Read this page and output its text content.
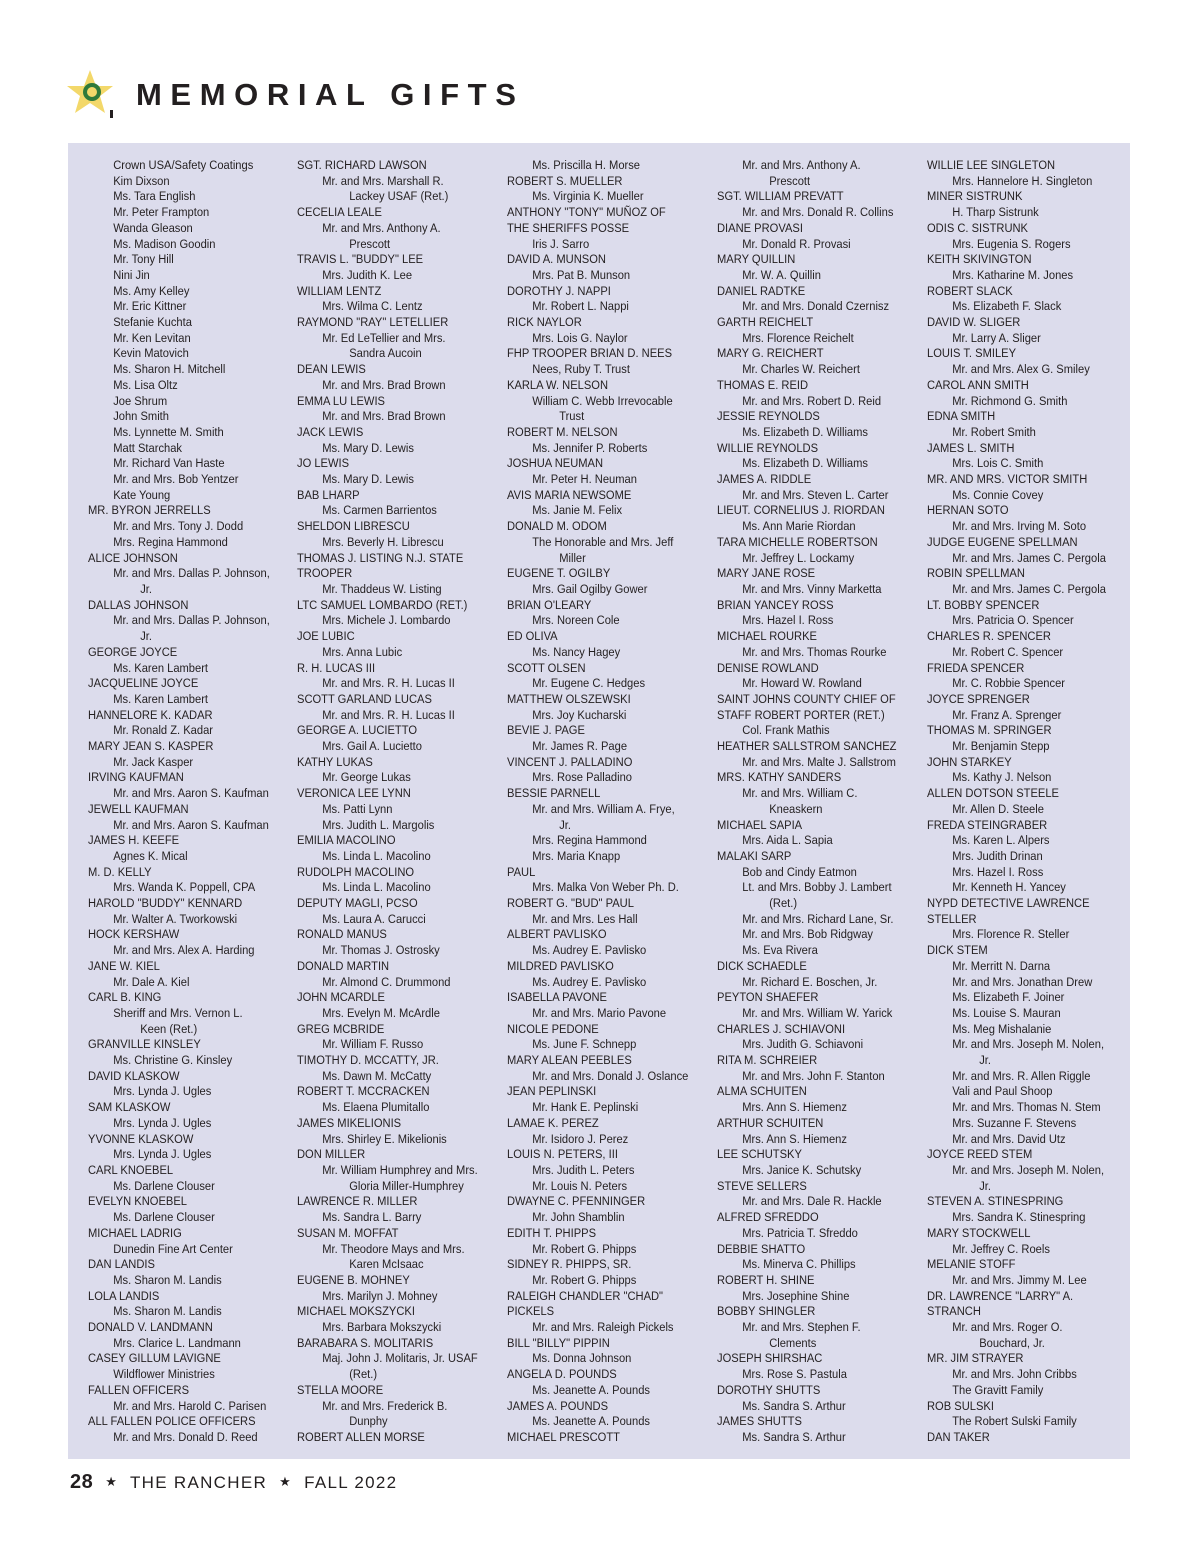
MEMORIAL GIFTS
Crown USA/Safety Coatings
Kim Dixson
Ms. Tara English
Mr. Peter Frampton
Wanda Gleason
Ms. Madison Goodin
Mr. Tony Hill
Nini Jin
Ms. Amy Kelley
Mr. Eric Kittner
Stefanie Kuchta
Mr. Ken Levitan
Kevin Matovich
Ms. Sharon H. Mitchell
Ms. Lisa Oltz
Joe Shrum
John Smith
Ms. Lynnette M. Smith
Matt Starchak
Mr. Richard Van Haste
Mr. and Mrs. Bob Yentzer
Kate Young
MR. BYRON JERRELLS
Mr. and Mrs. Tony J. Dodd
Mrs. Regina Hammond
ALICE JOHNSON
Mr. and Mrs. Dallas P. Johnson,
Jr.
DALLAS JOHNSON
Mr. and Mrs. Dallas P. Johnson,
Jr.
GEORGE JOYCE
Ms. Karen Lambert
JACQUELINE JOYCE
Ms. Karen Lambert
HANNELORE K. KADAR
Mr. Ronald Z. Kadar
MARY JEAN S. KASPER
Mr. Jack Kasper
IRVING KAUFMAN
Mr. and Mrs. Aaron S. Kaufman
JEWELL KAUFMAN
Mr. and Mrs. Aaron S. Kaufman
JAMES H. KEEFE
Agnes K. Mical
M. D. KELLY
Mrs. Wanda K. Poppell, CPA
HAROLD "BUDDY" KENNARD
Mr. Walter A. Tworkowski
HOCK KERSHAW
Mr. and Mrs. Alex A. Harding
JANE W. KIEL
Mr. Dale A. Kiel
CARL B. KING
Sheriff and Mrs. Vernon L.
Keen (Ret.)
GRANVILLE KINSLEY
Ms. Christine G. Kinsley
DAVID KLASKOW
Mrs. Lynda J. Ugles
SAM KLASKOW
Mrs. Lynda J. Ugles
YVONNE KLASKOW
Mrs. Lynda J. Ugles
CARL KNOEBEL
Ms. Darlene Clouser
EVELYN KNOEBEL
Ms. Darlene Clouser
MICHAEL LADRIG
Dunedin Fine Art Center
DAN LANDIS
Ms. Sharon M. Landis
LOLA LANDIS
Ms. Sharon M. Landis
DONALD V. LANDMANN
Mrs. Clarice L. Landmann
CASEY GILLUM LAVIGNE
Wildflower Ministries
FALLEN OFFICERS
Mr. and Mrs. Harold C. Parisen
ALL FALLEN POLICE OFFICERS
Mr. and Mrs. Donald D. Reed
SGT. RICHARD LAWSON
Mr. and Mrs. Marshall R.
Lackey USAF (Ret.)
CECELIA LEALE
Mr. and Mrs. Anthony A.
Prescott
TRAVIS L. "BUDDY" LEE
Mrs. Judith K. Lee
WILLIAM LENTZ
Mrs. Wilma C. Lentz
RAYMOND "RAY" LETELLIER
Mr. Ed LeTellier and Mrs.
Sandra Aucoin
DEAN LEWIS
Mr. and Mrs. Brad Brown
EMMA LU LEWIS
Mr. and Mrs. Brad Brown
JACK LEWIS
Ms. Mary D. Lewis
JO LEWIS
Ms. Mary D. Lewis
BAB LHARP
Ms. Carmen Barrientos
SHELDON LIBRESCU
Mrs. Beverly H. Librescu
THOMAS J. LISTING N.J. STATE
TROOPER
Mr. Thaddeus W. Listing
LTC SAMUEL LOMBARDO (RET.)
Mrs. Michele J. Lombardo
JOE LUBIC
Mrs. Anna Lubic
R. H. LUCAS III
Mr. and Mrs. R. H. Lucas II
SCOTT GARLAND LUCAS
Mr. and Mrs. R. H. Lucas II
GEORGE A. LUCIETTO
Mrs. Gail A. Lucietto
KATHY LUKAS
Mr. George Lukas
VERONICA LEE LYNN
Ms. Patti Lynn
Mrs. Judith L. Margolis
EMILIA MACOLINO
Ms. Linda L. Macolino
RUDOLPH MACOLINO
Ms. Linda L. Macolino
DEPUTY MAGLI, PCSO
Ms. Laura A. Carucci
RONALD MANUS
Mr. Thomas J. Ostrosky
DONALD MARTIN
Mr. Almond C. Drummond
JOHN MCARDLE
Mrs. Evelyn M. McArdle
GREG MCBRIDE
Mr. William F. Russo
TIMOTHY D. MCCATTY, JR.
Ms. Dawn M. McCatty
ROBERT T. MCCRACKEN
Ms. Elaena Plumitallo
JAMES MIKELIONIS
Mrs. Shirley E. Mikelionis
DON MILLER
Mr. William Humphrey and Mrs.
Gloria Miller-Humphrey
LAWRENCE R. MILLER
Ms. Sandra L. Barry
SUSAN M. MOFFAT
Mr. Theodore Mays and Mrs.
Karen McIsaac
EUGENE B. MOHNEY
Mrs. Marilyn J. Mohney
MICHAEL MOKSZYCKI
Mrs. Barbara Mokszycki
BARABARA S. MOLITARIS
Maj. John J. Molitaris, Jr. USAF
(Ret.)
STELLA MOORE
Mr. and Mrs. Frederick B.
Dunphy
ROBERT ALLEN MORSE
Ms. Priscilla H. Morse
ROBERT S. MUELLER
Ms. Virginia K. Mueller
ANTHONY "TONY" MUÑOZ OF
THE SHERIFFS POSSE
Iris J. Sarro
DAVID A. MUNSON
Mrs. Pat B. Munson
DOROTHY J. NAPPI
Mr. Robert L. Nappi
RICK NAYLOR
Mrs. Lois G. Naylor
FHP TROOPER BRIAN D. NEES
Nees, Ruby T. Trust
KARLA W. NELSON
William C. Webb Irrevocable
Trust
ROBERT M. NELSON
Ms. Jennifer P. Roberts
JOSHUA NEUMAN
Mr. Peter H. Neuman
AVIS MARIA NEWSOME
Ms. Janie M. Felix
DONALD M. ODOM
The Honorable and Mrs. Jeff
Miller
EUGENE T. OGILBY
Mrs. Gail Ogilby Gower
BRIAN O'LEARY
Mrs. Noreen Cole
ED OLIVA
Ms. Nancy Hagey
SCOTT OLSEN
Mr. Eugene C. Hedges
MATTHEW OLSZEWSKI
Mrs. Joy Kucharski
BEVIE J. PAGE
Mr. James R. Page
VINCENT J. PALLADINO
Mrs. Rose Palladino
BESSIE PARNELL
Mr. and Mrs. William A. Frye,
Jr.
Mrs. Regina Hammond
Mrs. Maria Knapp
PAUL
Mrs. Malka Von Weber Ph. D.
ROBERT G. "BUD" PAUL
Mr. and Mrs. Les Hall
ALBERT PAVLISKO
Ms. Audrey E. Pavlisko
MILDRED PAVLISKO
Ms. Audrey E. Pavlisko
ISABELLA PAVONE
Mr. and Mrs. Mario Pavone
NICOLE PEDONE
Ms. June F. Schnepp
MARY ALEAN PEEBLES
Mr. and Mrs. Donald J. Oslance
JEAN PEPLINSKI
Mr. Hank E. Peplinski
LAMAE K. PEREZ
Mr. Isidoro J. Perez
LOUIS N. PETERS, III
Mrs. Judith L. Peters
Mr. Louis N. Peters
DWAYNE C. PFENNINGER
Mr. John Shamblin
EDITH T. PHIPPS
Mr. Robert G. Phipps
SIDNEY R. PHIPPS, SR.
Mr. Robert G. Phipps
RALEIGH CHANDLER "CHAD"
PICKELS
Mr. and Mrs. Raleigh Pickels
BILL "BILLY" PIPPIN
Ms. Donna Johnson
ANGELA D. POUNDS
Ms. Jeanette A. Pounds
JAMES A. POUNDS
Ms. Jeanette A. Pounds
MICHAEL PRESCOTT
Mr. and Mrs. Anthony A.
Prescott
SGT. WILLIAM PREVATT
Mr. and Mrs. Donald R. Collins
DIANE PROVASI
Mr. Donald R. Provasi
MARY QUILLIN
Mr. W. A. Quillin
DANIEL RADTKE
Mr. and Mrs. Donald Czernisz
GARTH REICHELT
Mrs. Florence Reichelt
MARY G. REICHERT
Mr. Charles W. Reichert
THOMAS E. REID
Mr. and Mrs. Robert D. Reid
JESSIE REYNOLDS
Ms. Elizabeth D. Williams
WILLIE REYNOLDS
Ms. Elizabeth D. Williams
JAMES A. RIDDLE
Mr. and Mrs. Steven L. Carter
LIEUT. CORNELIUS J. RIORDAN
Ms. Ann Marie Riordan
TARA MICHELLE ROBERTSON
Mr. Jeffrey L. Lockamy
MARY JANE ROSE
Mr. and Mrs. Vinny Marketta
BRIAN YANCEY ROSS
Mrs. Hazel I. Ross
MICHAEL ROURKE
Mr. and Mrs. Thomas Rourke
DENISE ROWLAND
Mr. Howard W. Rowland
SAINT JOHNS COUNTY CHIEF OF
STAFF ROBERT PORTER (RET.)
Col. Frank Mathis
HEATHER SALLSTROM SANCHEZ
Mr. and Mrs. Malte J. Sallstrom
MRS. KATHY SANDERS
Mr. and Mrs. William C.
Kneaskern
MICHAEL SAPIA
Mrs. Aida L. Sapia
MALAKI SARP
Bob and Cindy Eatmon
Lt. and Mrs. Bobby J. Lambert
(Ret.)
Mr. and Mrs. Richard Lane, Sr.
Mr. and Mrs. Bob Ridgway
Ms. Eva Rivera
DICK SCHAEDLE
Mr. Richard E. Boschen, Jr.
PEYTON SHAEFER
Mr. and Mrs. William W. Yarick
CHARLES J. SCHIAVONI
Mrs. Judith G. Schiavoni
RITA M. SCHREIER
Mr. and Mrs. John F. Stanton
ALMA SCHUITEN
Mrs. Ann S. Hiemenz
ARTHUR SCHUITEN
Mrs. Ann S. Hiemenz
LEE SCHUTSKY
Mrs. Janice K. Schutsky
STEVE SELLERS
Mr. and Mrs. Dale R. Hackle
ALFRED SFREDDO
Mrs. Patricia T. Sfreddo
DEBBIE SHATTO
Ms. Minerva C. Phillips
ROBERT H. SHINE
Mrs. Josephine Shine
BOBBY SHINGLER
Mr. and Mrs. Stephen F.
Clements
JOSEPH SHIRSHAC
Mrs. Rose S. Pastula
DOROTHY SHUTTS
Ms. Sandra S. Arthur
JAMES SHUTTS
Ms. Sandra S. Arthur
WILLIE LEE SINGLETON
Mrs. Hannelore H. Singleton
MINER SISTRUNK
H. Tharp Sistrunk
ODIS C. SISTRUNK
Mrs. Eugenia S. Rogers
KEITH SKIVINGTON
Mrs. Katharine M. Jones
ROBERT SLACK
Ms. Elizabeth F. Slack
DAVID W. SLIGER
Mr. Larry A. Sliger
LOUIS T. SMILEY
Mr. and Mrs. Alex G. Smiley
CAROL ANN SMITH
Mr. Richmond G. Smith
EDNA SMITH
Mr. Robert Smith
JAMES L. SMITH
Mrs. Lois C. Smith
MR. AND MRS. VICTOR SMITH
Ms. Connie Covey
HERNAN SOTO
Mr. and Mrs. Irving M. Soto
JUDGE EUGENE SPELLMAN
Mr. and Mrs. James C. Pergola
ROBIN SPELLMAN
Mr. and Mrs. James C. Pergola
LT. BOBBY SPENCER
Mrs. Patricia O. Spencer
CHARLES R. SPENCER
Mr. Robert C. Spencer
FRIEDA SPENCER
Mr. C. Robbie Spencer
JOYCE SPRENGER
Mr. Franz A. Sprenger
THOMAS M. SPRINGER
Mr. Benjamin Stepp
JOHN STARKEY
Ms. Kathy J. Nelson
ALLEN DOTSON STEELE
Mr. Allen D. Steele
FREDA STEINGRABER
Ms. Karen L. Alpers
Mrs. Judith Drinan
Mrs. Hazel I. Ross
Mr. Kenneth H. Yancey
NYPD DETECTIVE LAWRENCE
STELLER
Mrs. Florence R. Steller
DICK STEM
Mr. Merritt N. Darna
Mr. and Mrs. Jonathan Drew
Ms. Elizabeth F. Joiner
Ms. Louise S. Mauran
Ms. Meg Mishalanie
Mr. and Mrs. Joseph M. Nolen,
Jr.
Mr. and Mrs. R. Allen Riggle
Vali and Paul Shoop
Mr. and Mrs. Thomas N. Stem
Mrs. Suzanne F. Stevens
Mr. and Mrs. David Utz
JOYCE REED STEM
Mr. and Mrs. Joseph M. Nolen,
Jr.
STEVEN A. STINESPRING
Mrs. Sandra K. Stinespring
MARY STOCKWELL
Mr. Jeffrey C. Roels
MELANIE STOFF
Mr. and Mrs. Jimmy M. Lee
DR. LAWRENCE "LARRY" A.
STRANCH
Mr. and Mrs. Roger O.
Bouchard, Jr.
MR. JIM STRAYER
Mr. and Mrs. John Cribbs
The Gravitt Family
ROB SULSKI
The Robert Sulski Family
DAN TAKER
28 ★ THE RANCHER ★ FALL 2022
